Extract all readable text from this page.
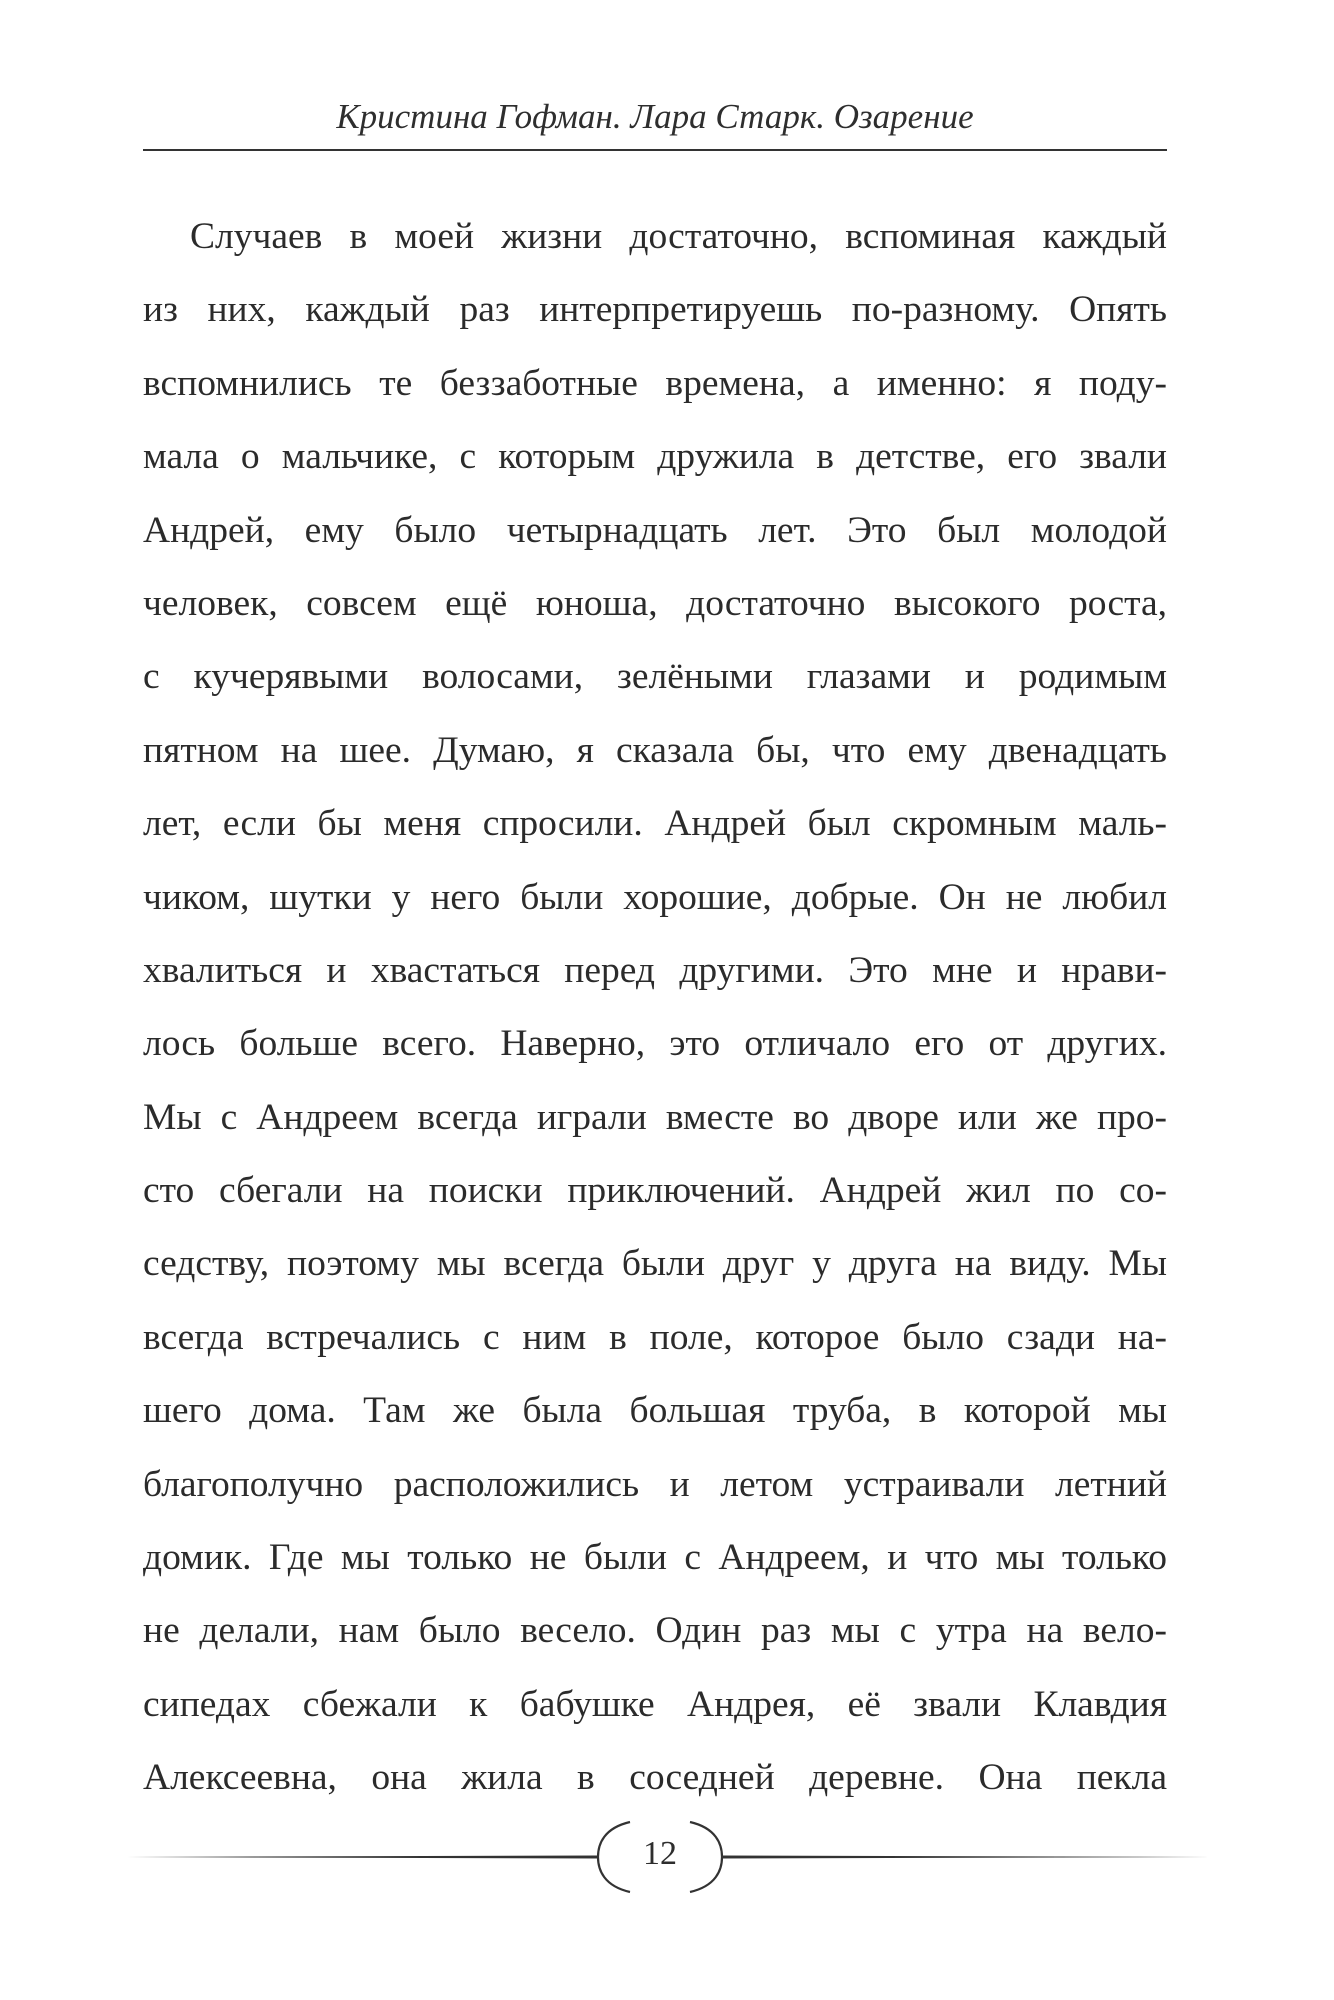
Кристина Гофман. Лара Старк. Озарение
Случаев в моей жизни достаточно, вспоминая каждый
из них, каждый раз интерпретируешь по-разному. Опять
вспомнились те беззаботные времена, а именно: я поду-
мала о мальчике, с которым дружила в детстве, его звали
Андрей, ему было четырнадцать лет. Это был молодой
человек, совсем ещё юноша, достаточно высокого роста,
с кучерявыми волосами, зелёными глазами и родимым
пятном на шее. Думаю, я сказала бы, что ему двенадцать
лет, если бы меня спросили. Андрей был скромным маль-
чиком, шутки у него были хорошие, добрые. Он не любил
хвалиться и хвастаться перед другими. Это мне и нрави-
лось больше всего. Наверно, это отличало его от других.
Мы с Андреем всегда играли вместе во дворе или же про-
сто сбегали на поиски приключений. Андрей жил по со-
седству, поэтому мы всегда были друг у друга на виду. Мы
всегда встречались с ним в поле, которое было сзади на-
шего дома. Там же была большая труба, в которой мы
благополучно расположились и летом устраивали летний
домик. Где мы только не были с Андреем, и что мы только
не делали, нам было весело. Один раз мы с утра на вело-
сипедах сбежали к бабушке Андрея, её звали Клавдия
Алексеевна, она жила в соседней деревне. Она пекла
12
